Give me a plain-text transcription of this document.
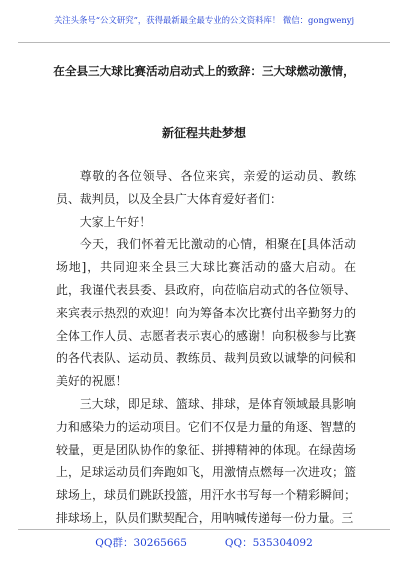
关注头条号“公文研究”，获得最新最全最专业的公文资料库！ 微信：gongwenyj
在全县三大球比赛活动启动式上的致辞：三大球燃动激情，
新征程共赴梦想

尊敬的各位领导、各位来宾，亲爱的运动员、教练员、裁判员，以及全县广大体育爱好者们：

大家上午好！

今天，我们怀着无比激动的心情，相聚在[具体活动场地]，共同迎来全县三大球比赛活动的盛大启动。在此，我谨代表县委、县政府，向莅临启动式的各位领导、来宾表示热烈的欢迎！向为筹备本次比赛付出辛勤努力的全体工作人员、志愿者表示衷心的感谢！向积极参与比赛的各代表队、运动员、教练员、裁判员致以诚挚的问候和美好的祝愿！

三大球，即足球、篮球、排球，是体育领域最具影响力和感染力的运动项目。它们不仅是力量的角逐、智慧的较量，更是团队协作的象征、拼搏精神的体现。在绿茵场上，足球运动员们奔跑如飞，用激情点燃每一次进攻；篮球场上，球员们跳跃投篮，用汗水书写每一个精彩瞬间；排球场上，队员们默契配合，用呐喊传递每一份力量。三

QQ群：30265665	QQ：535304092
